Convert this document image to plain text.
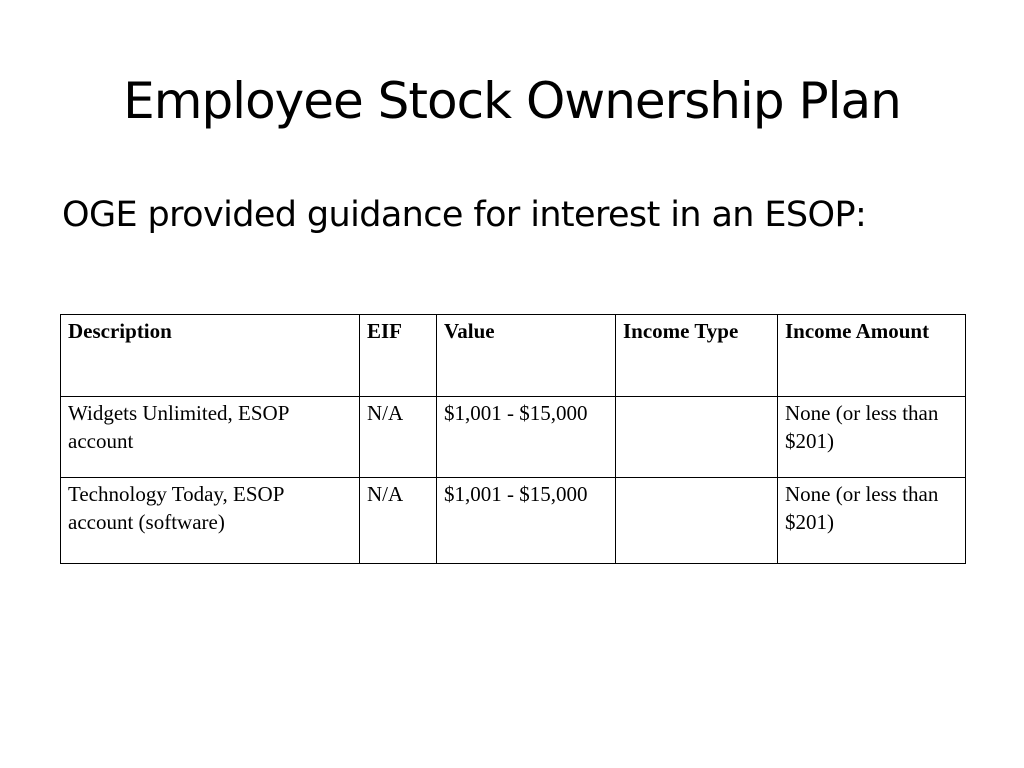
Employee Stock Ownership Plan
OGE provided guidance for interest in an ESOP:
Description	EIF	Value	Income Type	Income Amount
Widgets Unlimited, ESOP account	N/A	$1,001 - $15,000		None (or less than $201)
Technology Today, ESOP account (software)	N/A	$1,001 - $15,000		None (or less than $201)
